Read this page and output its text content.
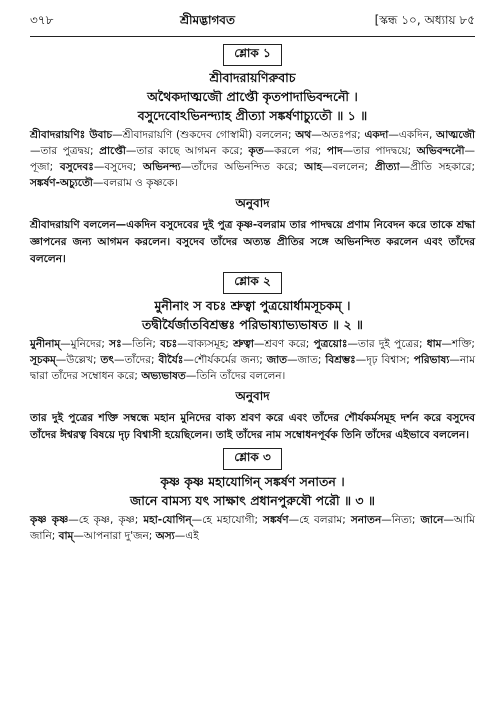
৩৭৮	শ্রীমদ্ভাগবত	[স্কন্ধ ১০, অধ্যায় ৮৫
শ্লোক ১
শ্রীবাদরায়ণিরুবাচ
অথৈকদাত্মজৌ প্রাপ্তৌ কৃতপাদাভিবন্দনৌ ।
বসুদেবোঽভিনন্দ্যাহ প্রীত্যা সঙ্কর্ষণাচ্যুতৌ ॥ ১ ॥
শ্রীবাদরায়ণিঃ উবাচ—শ্রীবাদরায়ণি (শুকদেব গোস্বামী) বললেন; অথ—অতঃপর; একদা—একদিন, আত্মজৌ—তার পুত্রদ্বয়; প্রাপ্তৌ—তার কাছে আগমন করে; কৃত—করলে পর; পাদ—তার পাদদ্বয়ে; অভিবন্দনৌ—পূজা; বসুদেবঃ—বসুদেব; অভিনন্দ্য—তাঁদের অভিনন্দিত করে; আহ—বললেন; প্রীত্যা—প্রীতি সহকারে; সঙ্কর্ষণ-অচ্যুতৌ—বলরাম ও কৃষ্ণকে।
অনুবাদ
শ্রীবাদরায়ণি বললেন—একদিন বসুদেবের দুই পুত্র কৃষ্ণ-বলরাম তার পাদদ্বয়ে প্রণাম নিবেদন করে তাকে শ্রদ্ধা জ্ঞাপনের জন্য আগমন করলেন। বসুদেব তাঁদের অত্যন্ত প্রীতির সঙ্গে অভিনন্দিত করলেন এবং তাঁদের বললেন।
শ্লোক ২
মুনীনাং স বচঃ শ্রুত্বা পুত্রয়োর্ধামসূচকম্ ।
তদ্বীর্যৈর্জাতবিশ্রম্ভঃ পরিভাষ্যাভ্যভাষত ॥ ২ ॥
মুনীনাম্—মুনিদের; সঃ—তিনি; বচঃ—বাক্যসমূহ; শ্রুত্বা—শ্রবণ করে; পুত্রয়োঃ—তার দুই পুত্রের; ধাম—শক্তি; সূচকম্—উল্লেখ; তৎ—তাঁদের; বীর্যৈঃ—শৌর্যকর্মের জন্য; জাত—জাত; বিশ্রম্ভঃ—দৃঢ় বিশ্বাস; পরিভাষ্য—নাম দ্বারা তাঁদের সম্বোধন করে; অভ্যভাষত—তিনি তাঁদের বললেন।
অনুবাদ
তার দুই পুত্রের শক্তি সম্বন্ধে মহান মুনিদের বাক্য শ্রবণ করে এবং তাঁদের শৌর্যকর্মসমূহ দর্শন করে বসুদেব তাঁদের ঈশ্বরত্ব বিষয়ে দৃঢ় বিশ্বাসী হয়েছিলেন। তাই তাঁদের নাম সম্বোধনপূর্বক তিনি তাঁদের এইভাবে বললেন।
শ্লোক ৩
কৃষ্ণ কৃষ্ণ মহাযোগিন্ সঙ্কর্ষণ সনাতন ।
জানে বামস্য যৎ সাক্ষাৎ প্রধানপুরুষৌ পরৌ ॥ ৩ ॥
কৃষ্ণ কৃষ্ণ—হে কৃষ্ণ, কৃষ্ণ; মহা-যোগিন্—হে মহাযোগী; সঙ্কর্ষণ—হে বলরাম; সনাতন—নিত্য; জানে—আমি জানি; বাম্—আপনারা দু'জন; অস্য—এই
